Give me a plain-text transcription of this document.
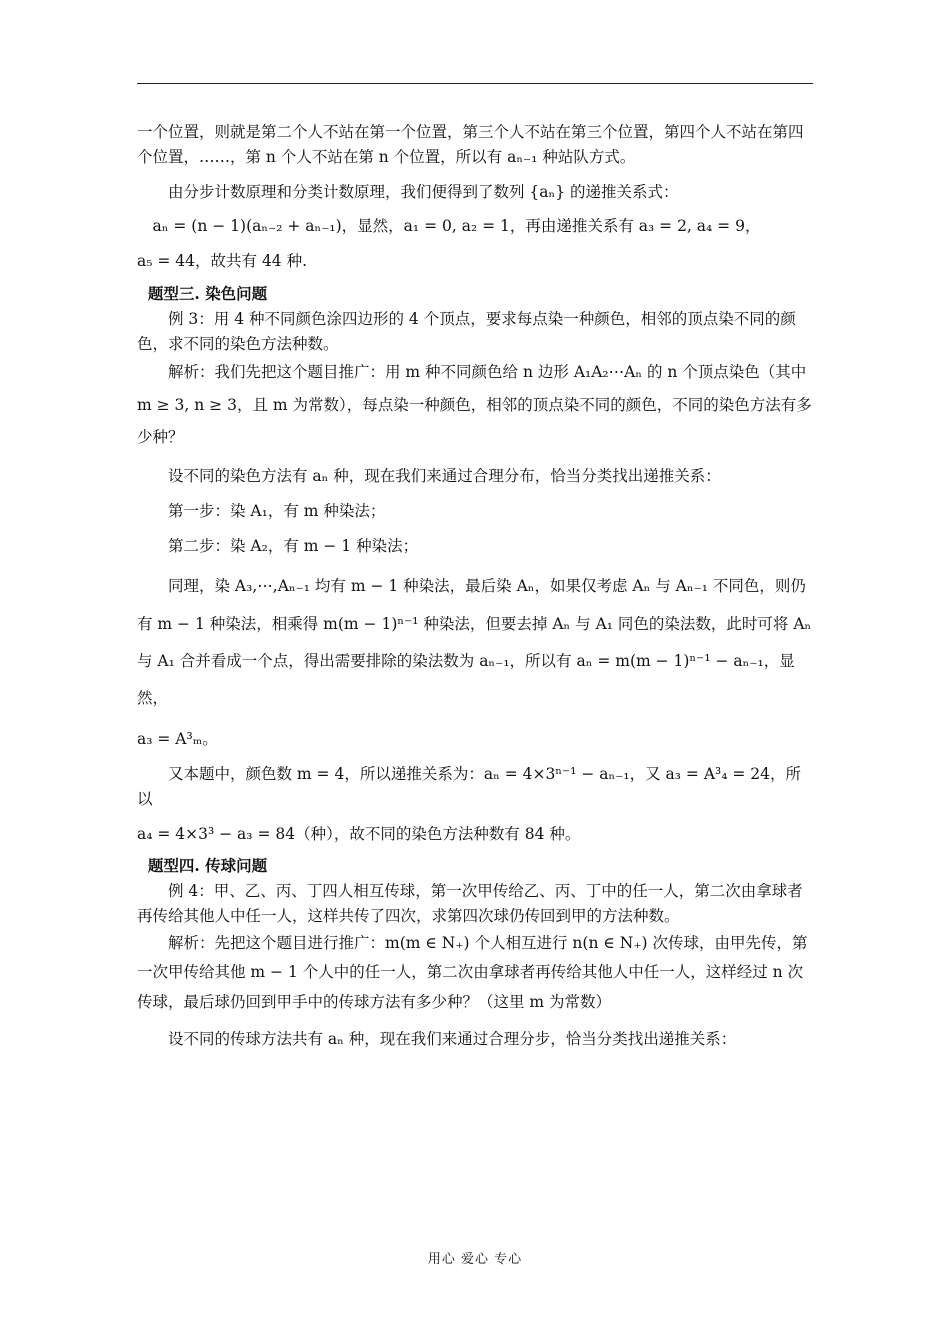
一个位置，则就是第二个人不站在第一个位置，第三个人不站在第三个位置，第四个人不站在第四个位置，……，第 n 个人不站在第 n 个位置，所以有 aₙ₋₁ 种站队方式。

由分步计数原理和分类计数原理，我们便得到了数列 {aₙ} 的递推关系式：

aₙ = (n − 1)(aₙ₋₂ + aₙ₋₁)，显然，a₁ = 0, a₂ = 1，再由递推关系有 a₃ = 2, a₄ = 9，

a₅ = 44，故共有 44 种.

题型三. 染色问题

例 3：用 4 种不同颜色涂四边形的 4 个顶点，要求每点染一种颜色，相邻的顶点染不同的颜色，求不同的染色方法种数。

解析：我们先把这个题目推广：用 m 种不同颜色给 n 边形 A₁A₂⋯Aₙ 的 n 个顶点染色（其中 m ≥ 3, n ≥ 3，且 m 为常数），每点染一种颜色，相邻的顶点染不同的颜色，不同的染色方法有多少种？

设不同的染色方法有 aₙ 种，现在我们来通过合理分布，恰当分类找出递推关系：

第一步：染 A₁，有 m 种染法；

第二步：染 A₂，有 m − 1 种染法；

同理，染 A₃,⋯,Aₙ₋₁ 均有 m − 1 种染法，最后染 Aₙ，如果仅考虑 Aₙ 与 Aₙ₋₁ 不同色，则仍有 m − 1 种染法，相乘得 m(m − 1)ⁿ⁻¹ 种染法，但要去掉 Aₙ 与 A₁ 同色的染法数，此时可将 Aₙ 与 A₁ 合并看成一个点，得出需要排除的染法数为 aₙ₋₁，所以有 aₙ = m(m − 1)ⁿ⁻¹ − aₙ₋₁，显然，

a₃ = A³ₘ。

又本题中，颜色数 m = 4，所以递推关系为：aₙ = 4×3ⁿ⁻¹ − aₙ₋₁，又 a₃ = A³₄ = 24，所以

a₄ = 4×3³ − a₃ = 84（种），故不同的染色方法种数有 84 种。

题型四. 传球问题

例 4：甲、乙、丙、丁四人相互传球，第一次甲传给乙、丙、丁中的任一人，第二次由拿球者再传给其他人中任一人，这样共传了四次，求第四次球仍传回到甲的方法种数。

解析：先把这个题目进行推广：m(m ∈ N₊) 个人相互进行 n(n ∈ N₊) 次传球，由甲先传，第一次甲传给其他 m − 1 个人中的任一人，第二次由拿球者再传给其他人中任一人，这样经过 n 次传球，最后球仍回到甲手中的传球方法有多少种？（这里 m 为常数）

设不同的传球方法共有 aₙ 种，现在我们来通过合理分步，恰当分类找出递推关系：

用心 爱心 专心
